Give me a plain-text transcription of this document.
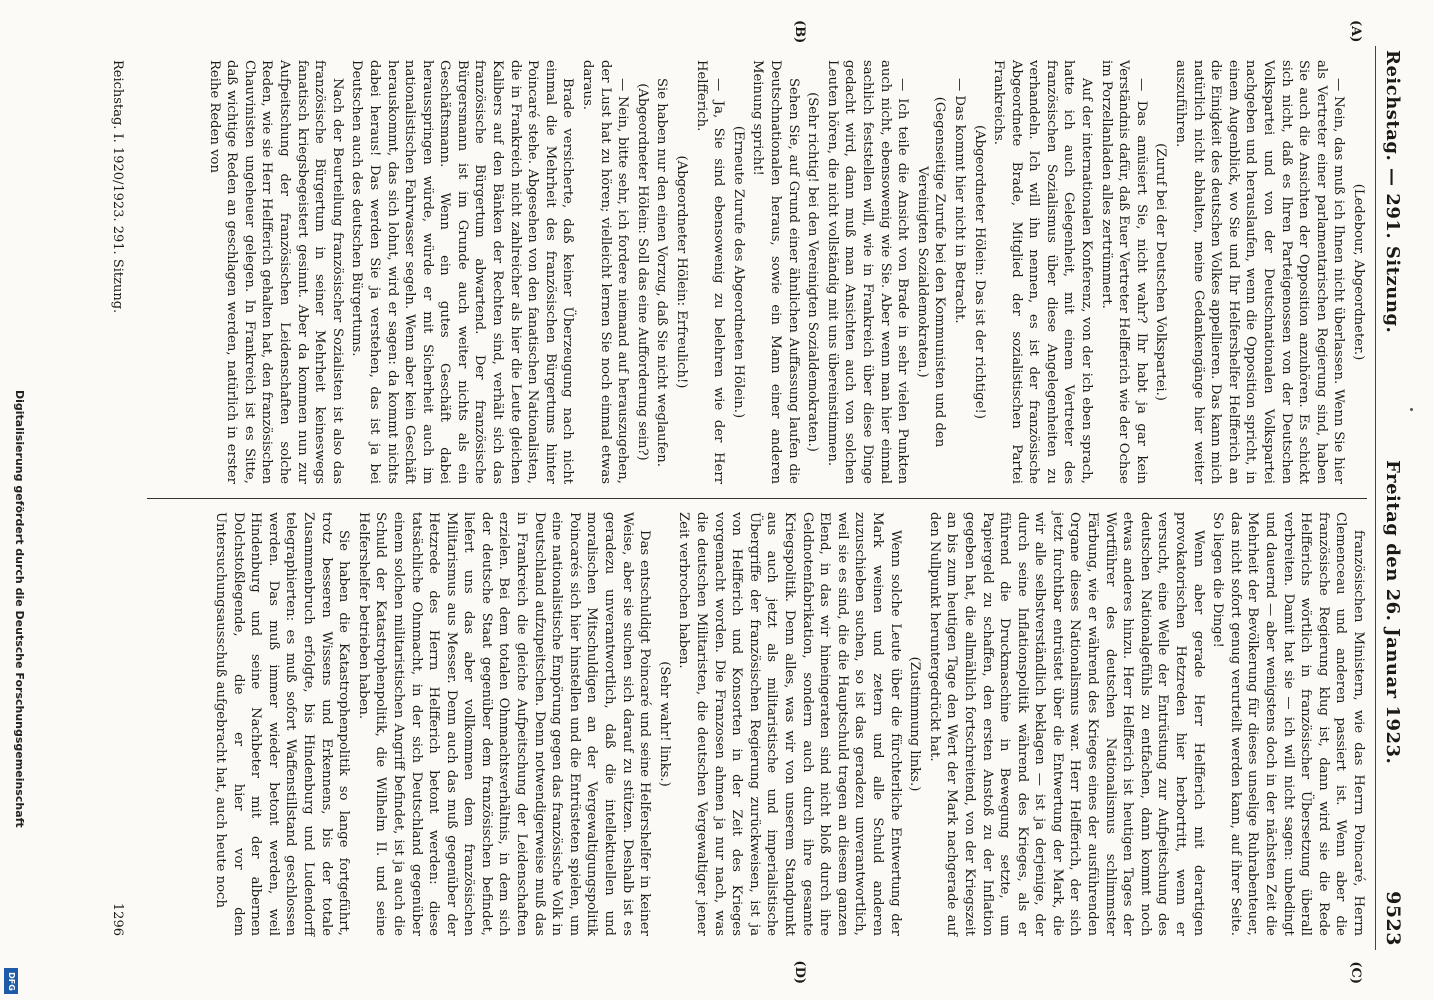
Reichstag. — 291. Sitzung.
Freitag den 26. Januar 1923.
9523
(A)
(B)
(C)
(D)

(Ledebour, Abgeordneter.)

— Nein, das muß ich Ihnen nicht überlassen. Wenn Sie hier als Vertreter einer parlamentarischen Regierung sind, haben Sie auch die Ansichten der Opposition anzuhören. Es schickt sich nicht, daß es Ihren Parteigenossen von der Deutschen Volkspartei und von der Deutschnationalen Volkspartei nachgeben und herauslaufen, wenn die Opposition spricht, in einem Augenblick, wo Sie und Ihr Helfershelfer Helfferich an die Einigkeit des deutschen Volkes appellieren. Das kann mich natürlich nicht abhalten, meine Gedankengänge hier weiter auszuführen.

(Zuruf bei der Deutschen Volkspartei.)

— Das amüsiert Sie, nicht wahr? Ihr habt ja gar kein Verständnis dafür, daß Euer Vertreter Helfferich wie der Ochse im Porzellanladen alles zertrümmert.

Auf der internationalen Konferenz, von der ich eben sprach, hatte ich auch Gelegenheit, mit einem Vertreter des französischen Sozialismus über diese Angelegenheiten zu verhandeln. Ich will ihn nennen, es ist der französische Abgeordnete Brade, Mitglied der sozialistischen Partei Frankreichs.

(Abgeordneter Hölein: Das ist der richtige!)

— Das kommt hier nicht in Betracht.

(Gegenseitige Zurufe bei den Kommunisten und den Vereinigten Sozialdemokraten.)

— Ich teile die Ansicht von Brade in sehr vielen Punkten auch nicht, ebensowenig wie Sie. Aber wenn man hier einmal sachlich feststellen will, wie in Frankreich über diese Dinge gedacht wird, dann muß man Ansichten auch von solchen Leuten hören, die nicht vollständig mit uns übereinstimmen.

(Sehr richtig! bei den Vereinigten Sozialdemokraten.)

Sehen Sie, auf Grund einer ähnlichen Auffassung laufen die Deutschnationalen heraus, sowie ein Mann einer anderen Meinung spricht!

(Erneute Zurufe des Abgeordneten Hölein.)

— Ja, Sie sind ebensowenig zu belehren wie der Herr Helfferich.

(Abgeordneter Hölein: Erfreulich!)

Sie haben nur den einen Vorzug, daß Sie nicht weglaufen.

(Abgeordneter Hölein: Soll das eine Aufforderung sein?)

— Nein, bitte sehr, ich fordere niemand auf herauszugehen, der Lust hat zu hören; vielleicht lernen Sie noch einmal etwas daraus.

Brade versicherte, daß keiner Überzeugung nach nicht einmal die Mehrheit des französischen Bürgertums hinter Poincaré stehe. Abgesehen von den fanatischen Nationalisten, die in Frankreich nicht zahlreicher als hier die Leute gleichen Kalibers auf den Bänken der Rechten sind, verhält sich das französische Bürgertum abwartend. Der französische Bürgersmann ist im Grunde auch weiter nichts als ein Geschäftsmann. Wenn ein gutes Geschäft dabei herausspringen würde, würde er mit Sicherheit auch im nationalistischen Fahrwasser segeln. Wenn aber kein Geschäft herauskommt, das sich lohnt, wird er sagen: da kommt nichts dabei heraus! Das werden Sie ja verstehen, das ist ja bei Deutschen auch des deutschen Bürgertums.

Nach der Beurteilung französischer Sozialisten ist also das französische Bürgertum in seiner Mehrheit keineswegs fanatisch kriegsbegeistert gesinnt. Aber da kommen nun zur Aufpeitschung der französischen Leidenschaften solche Reden, wie sie Herr Helfferich gehalten hat, den französischen Chauvinisten ungeheuer gelegen. In Frankreich ist es Sitte, daß wichtige Reden an geschlagen werden, natürlich in erster Reihe Reden von

französischen Ministern, wie das Herrn Poincaré, Herrn Clemenceau und anderen passiert ist. Wenn aber die französische Regierung klug ist, dann wird sie die Rede Helfferichs wörtlich in französischer Übersetzung überall verbreiten. Damit hat sie — ich will nicht sagen: unbedingt und dauernd — aber wenigstens doch in der nächsten Zeit die Mehrheit der Bevölkerung für dieses unselige Ruhrabenteuer, das nicht sofort genug verurteilt werden kann, auf ihrer Seite. So liegen die Dinge!

Wenn aber gerade Herr Helfferich mit derartigen provokatorischen Hetzreden hier herbortritt, wenn er versucht, eine Welle der Entrüstung zur Aufpeitschung des deutschen Nationalgefühls zu entfachen, dann kommt noch etwas anderes hinzu. Herr Helfferich ist heutigen Tages der Wortführer des deutschen Nationalismus schlimmster Färbung, wie er während des Krieges eines der ausführenden Organe dieses Nationalismus war. Herr Helfferich, der sich jetzt furchtbar entrüstet über die Entwertung der Mark, die wir alle selbstverständlich beklagen — ist ja derjenige, der durch seine Inflationspolitik während des Krieges, als er führend die Druckmaschine in Bewegung setzte, um Papiergeld zu schaffen, den ersten Anstoß zu der Inflation gegeben hat, die allmählich fortschreitend, von der Kriegszeit an bis zum heutigen Tage den Wert der Mark nachgerade auf den Nullpunkt heruntergedrückt hat.

(Zustimmung links.)

Wenn solche Leute über die fürchterliche Entwertung der Mark weinen und zetern und alle Schuld anderen zuzuschieben suchen, so ist das geradezu unverantwortlich, weil sie es sind, die die Hauptschuld tragen an diesem ganzen Elend, in das wir hineingeraten sind nicht bloß durch ihre Geldnotenfabrikation, sondern auch durch ihre gesamte Kriegspolitik. Denn alles, was wir von unserem Standpunkt aus auch jetzt als militaristische und imperialistische Übergriffe der französischen Regierung zurückweisen, ist ja von Helfferich und Konsorten in der Zeit des Krieges vorgemacht worden. Die Franzosen ahmen ja nur nach, was die deutschen Militaristen, die deutschen Vergewaltiger jener Zeit verbrochen haben.

(Sehr wahr! links.)

Das entschuldigt Poincaré und seine Helfershelfer in keiner Weise, aber sie suchen sich darauf zu stützen. Deshalb ist es geradezu unverantwortlich, daß die intellektuellen und moralischen Mitschuldigen an der Vergewaltigungspolitik Poincarés sich hier hinstellen und die Entrüsteten spielen, um eine nationalistische Empörung gegen das französische Volk in Deutschland aufzupeitschen. Denn notwendigerweise muß das in Frankreich die gleiche Aufpeitschung der Leidenschaften erzielen. Bei dem totalen Ohnmachtsverhältnis, in dem sich der deutsche Staat gegenüber dem französischen befindet, liefert uns das aber vollkommen dem französischen Militarismus aus Messer. Denn auch das muß gegenüber der Hetzrede des Herrn Helfferich betont werden: diese tatsächliche Ohnmacht, in der sich Deutschland gegenüber einem solchen militaristischen Angriff befindet, ist ja auch die Schuld der Katastrophenpolitik, die Wilhelm II. und seine Helfershelfer betrieben haben.

Sie haben die Katastrophenpolitik so lange fortgeführt, trotz besseren Wissens und Erkennens, bis der totale Zusammenbruch erfolgte, bis Hindenburg und Ludendorff telegraphierten: es muß sofort Waffenstillstand geschlossen werden. Das muß immer wieder betont werden, weil Hindenburg und seine Nachbeter mit der albernen Dolchstoßlegende, die er hier vor dem Untersuchungsausschuß aufgebracht hat, auch heute noch

Reichstag. I. 1920/1923. 291. Sitzung.
1296
Digitalisierung gefördert durch die Deutsche Forschungsgemeinschaft
DFG
